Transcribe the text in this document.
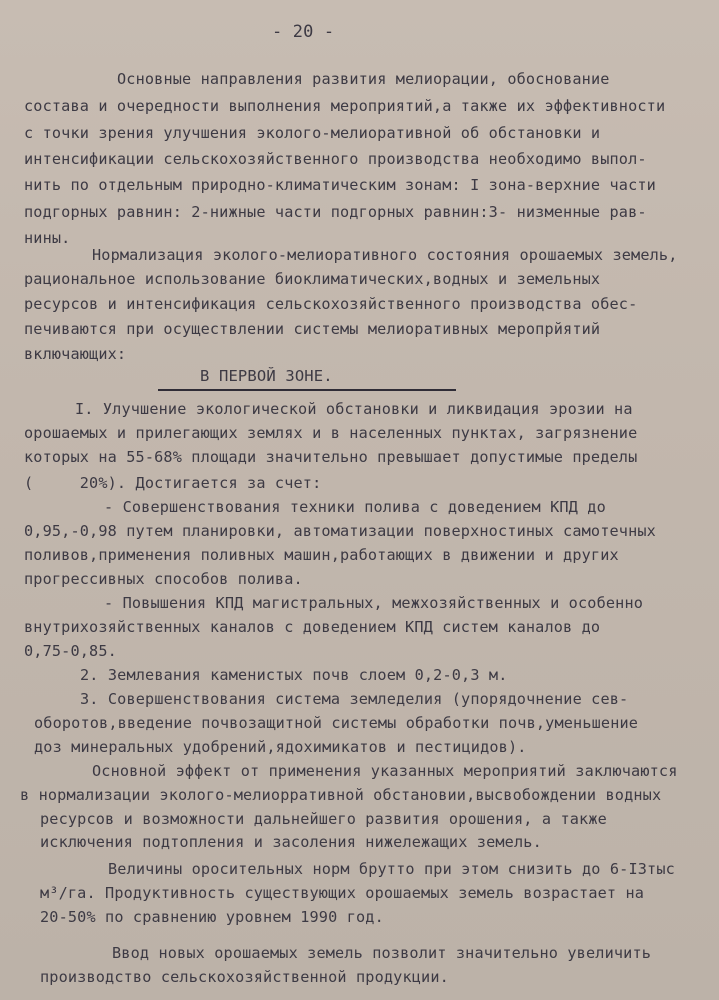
- 20 -
Основные направления развития мелиорации, обоснование
состава и очередности выполнения мероприятий,а также их эффективности
с точки зрения улучшения эколого-мелиоративной об обстановки и
интенсификации сельскохозяйственного производства необходимо выпол-
нить по отдельным природно-климатическим зонам: I зона-верхние части
подгорных равнин: 2-нижные части подгорных равнин:3- низменные рав-
нины.
Нормализация эколого-мелиоративного состояния орошаемых земель,
рациональное использование биоклиматических,водных и земельных
ресурсов и интенсификация сельскохозяйственного производства обес-
печиваются при осуществлении системы мелиоративных меропрйятий
включающих:
В ПЕРВОЙ ЗОНЕ.
I. Улучшение экологической обстановки и ликвидация эрозии на
орошаемых и прилегающих землях и в населенных пунктах, загрязнение
которых на 55-68% площади значительно превышает допустимые пределы
(     20%). Достигается за счет:
- Совершенствования техники полива с доведением КПД до
0,95,-0,98 путем планировки, автоматизации поверхностиных самотечных
поливов,применения поливных машин,работающих в движении и других
прогрессивных способов полива.
- Повышения КПД магистральных, межхозяйственных и особенно
внутрихозяйственных каналов с доведением КПД систем каналов до
0,75-0,85.
2. Землевания каменистых почв слоем 0,2-0,3 м.
3. Совершенствования система земледелия (упорядочнение сев-
оборотов,введение почвозащитной системы обработки почв,уменьшение
доз минеральных удобрений,ядохимикатов и пестицидов).
Основной эффект от применения указанных мероприятий заключаются
в нормализации эколого-мелиорративной обстановии,высвобождении водных
ресурсов и возможности дальнейшего развития орошения, а также
исключения подтопления и засоления нижележащих земель.
Величины оросительных норм брутто при этом снизить до 6-I3тыс
м³/га. Продуктивность существующих орошаемых земель возрастает на
20-50% по сравнению уровнем 1990 год.
Ввод новых орошаемых земель позволит значительно увеличить
производство сельскохозяйственной продукции.
